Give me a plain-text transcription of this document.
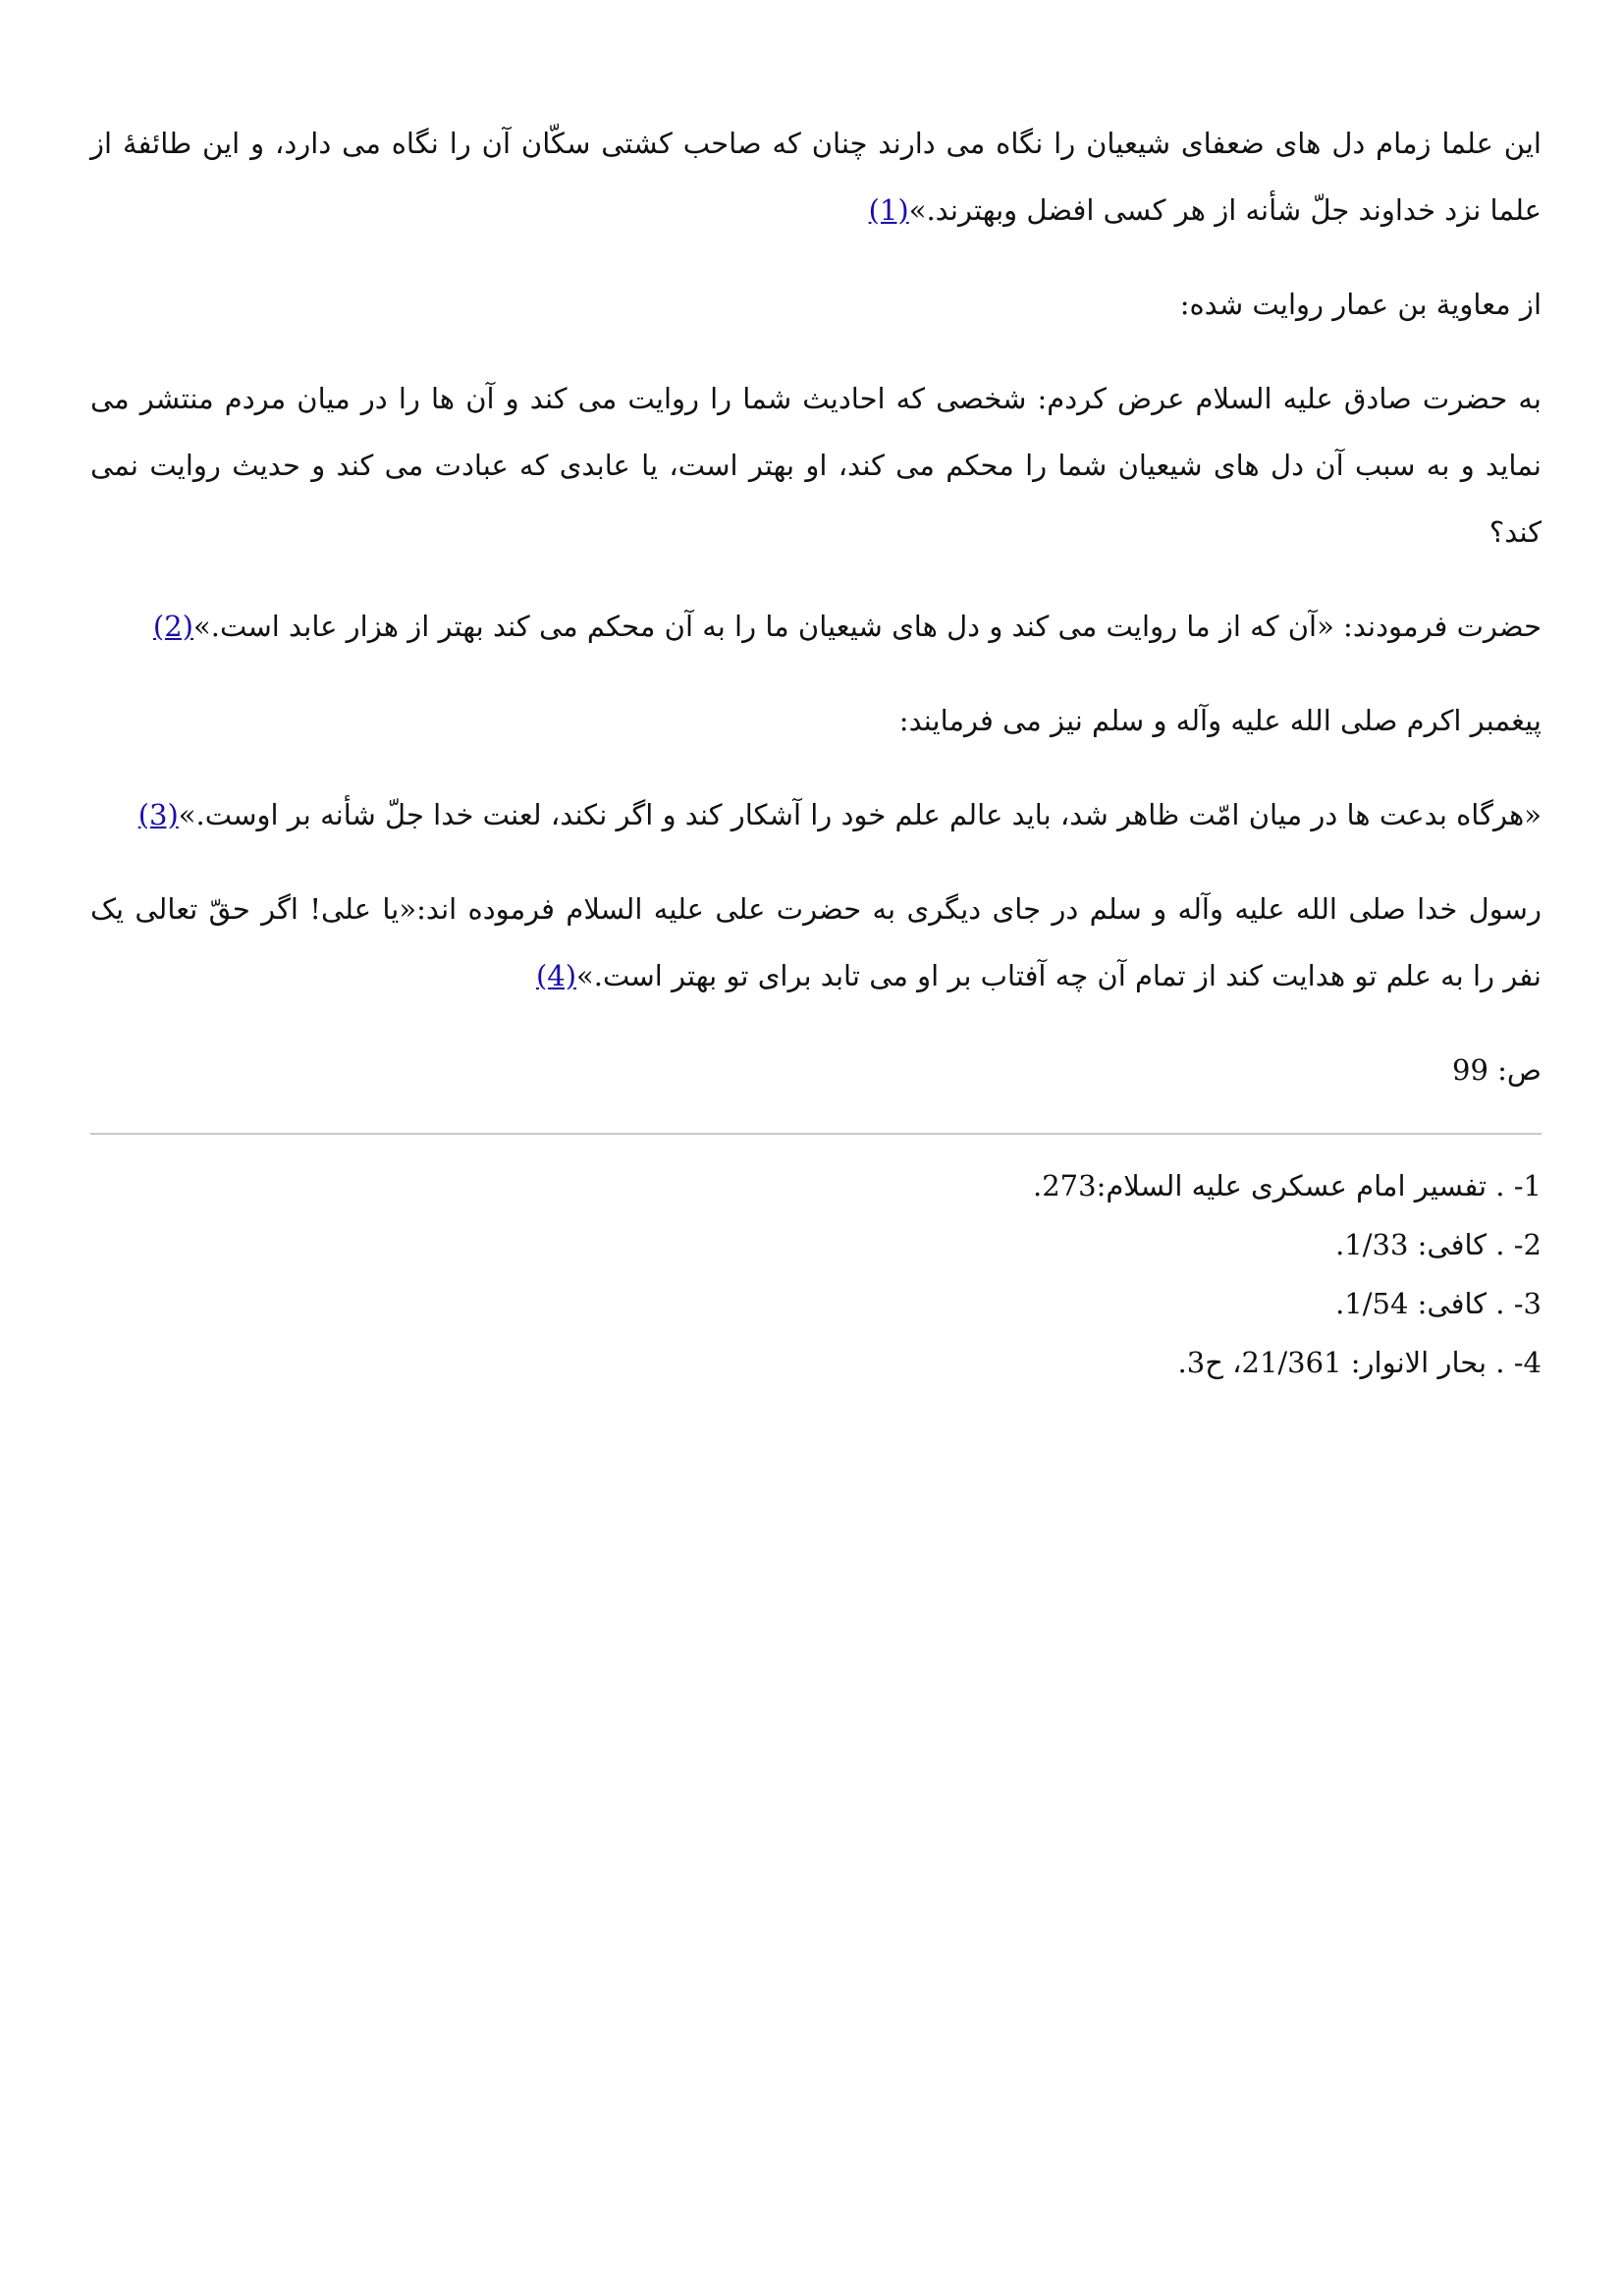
این علما زمام دل های ضعفای شیعیان را نگاه می دارند چنان که صاحب کشتی سکّان آن را نگاه می دارد، و این طائفۀ از علما نزد خداوند جلّ شأنه از هر کسی افضل وبهترند.»(1)

از معاویة بن عمار روایت شده:

به حضرت صادق علیه السلام عرض کردم: شخصی که احادیث شما را روایت می کند و آن ها را در میان مردم منتشر می نماید و به سبب آن دل های شیعیان شما را محکم می کند، او بهتر است، یا عابدی که عبادت می کند و حدیث روایت نمی کند؟

حضرت فرمودند: «آن که از ما روایت می کند و دل های شیعیان ما را به آن محکم می کند بهتر از هزار عابد است.»(2)

پیغمبر اکرم صلی الله علیه وآله و سلم نیز می فرمایند:

«هرگاه بدعت ها در میان امّت ظاهر شد، باید عالم علم خود را آشکار کند و اگر نکند، لعنت خدا جلّ شأنه بر اوست.»(3)

رسول خدا صلی الله علیه وآله و سلم در جای دیگری به حضرت علی علیه السلام فرموده اند:«یا علی! اگر حقّ تعالی یک نفر را به علم تو هدایت کند از تمام آن چه آفتاب بر او می تابد برای تو بهتر است.»(4)

ص: 99
1- . تفسیر امام عسکری علیه السلام:273.
2- . کافی: 1/33.
3- . کافی: 1/54.
4- . بحار الانوار: 21/361، ح3.
